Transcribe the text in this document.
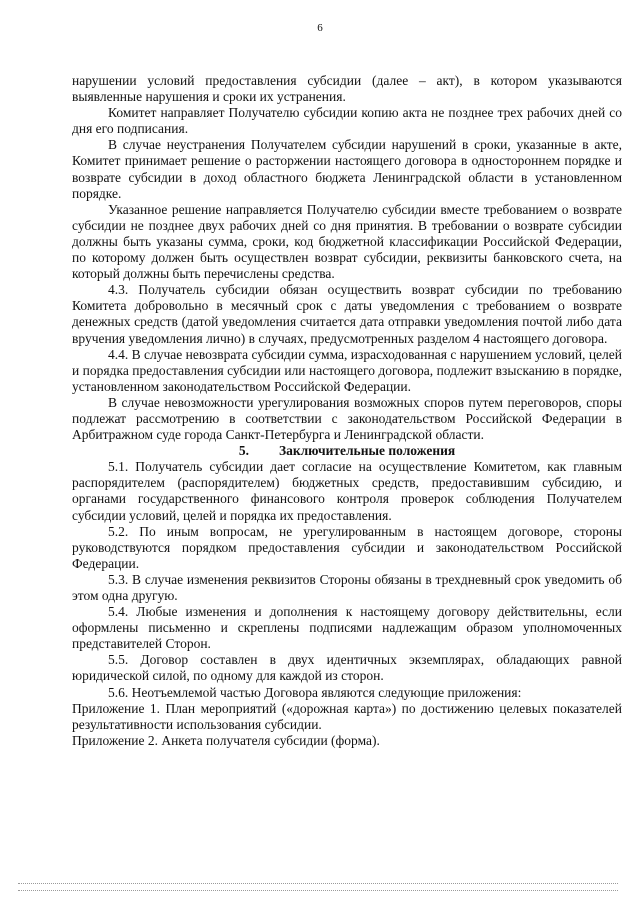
6

нарушении условий предоставления субсидии (далее – акт), в котором указываются выявленные нарушения и сроки их устранения.

Комитет направляет Получателю субсидии копию акта не позднее трех рабочих дней со дня его подписания.

В случае неустранения Получателем субсидии нарушений в сроки, указанные в акте, Комитет принимает решение о расторжении настоящего договора в одностороннем порядке и возврате субсидии в доход областного бюджета Ленинградской области в установленном порядке.

Указанное решение направляется Получателю субсидии вместе требованием о возврате субсидии не позднее двух рабочих дней со дня принятия. В требовании о возврате субсидии должны быть указаны сумма, сроки, код бюджетной классификации Российской Федерации, по которому должен быть осуществлен возврат субсидии, реквизиты банковского счета, на который должны быть перечислены средства.

4.3. Получатель субсидии обязан осуществить возврат субсидии по требованию Комитета добровольно в месячный срок с даты уведомления с требованием о возврате денежных средств (датой уведомления считается дата отправки уведомления почтой либо дата вручения уведомления лично) в случаях, предусмотренных разделом 4 настоящего договора.

4.4. В случае невозврата субсидии сумма, израсходованная с нарушением условий, целей и порядка предоставления субсидии или настоящего договора, подлежит взысканию в порядке, установленном законодательством Российской Федерации.

В случае невозможности урегулирования возможных споров путем переговоров, споры подлежат рассмотрению в соответствии с законодательством Российской Федерации в Арбитражном суде города Санкт-Петербурга и Ленинградской области.

5. Заключительные положения

5.1. Получатель субсидии дает согласие на осуществление Комитетом, как главным распорядителем (распорядителем) бюджетных средств, предоставившим субсидию, и органами государственного финансового контроля проверок соблюдения Получателем субсидии условий, целей и порядка их предоставления.

5.2. По иным вопросам, не урегулированным в настоящем договоре, стороны руководствуются порядком предоставления субсидии и законодательством Российской Федерации.

5.3. В случае изменения реквизитов Стороны обязаны в трехдневный срок уведомить об этом одна другую.

5.4. Любые изменения и дополнения к настоящему договору действительны, если оформлены письменно и скреплены подписями надлежащим образом уполномоченных представителей Сторон.

5.5. Договор составлен в двух идентичных экземплярах, обладающих равной юридической силой, по одному для каждой из сторон.

5.6. Неотъемлемой частью Договора являются следующие приложения:

Приложение 1. План мероприятий («дорожная карта») по достижению целевых показателей результативности использования субсидии.

Приложение 2. Анкета получателя субсидии (форма).
